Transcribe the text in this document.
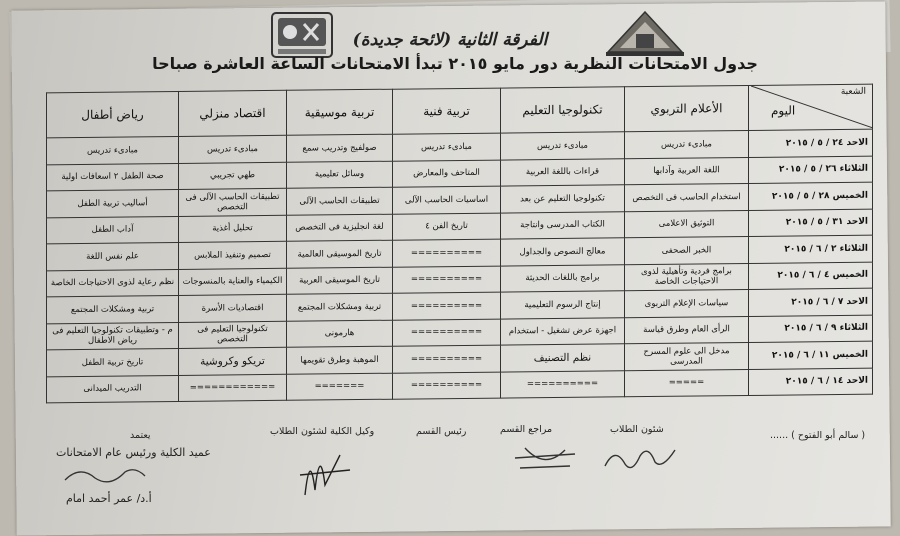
الفرقة الثانية (لائحة جديدة)
جدول الامتحانات النظرية دور مايو ٢٠١٥ تبدأ الامتحانات الساعة العاشرة صباحا
الشعبة
اليوم	الأعلام التربوي	تكنولوجيا التعليم	تربية فنية	تربية موسيقية	اقتصاد منزلي	رياض أطفال
الاحد ٢٤ / ٥ / ٢٠١٥	مبادىء تدريس	مبادىء تدريس	مبادىء تدريس	صولفيج وتدريب سمع	مبادىء تدريس	مبادىء تدريس
الثلاثاء ٢٦ / ٥ / ٢٠١٥	اللغة العربية وآدابها	قراءات باللغة العربية	المتاحف والمعارض	وسائل تعليمية	طهي تجريبي	صحة الطفل ٢ اسعافات اولية
الخميس ٢٨ / ٥ / ٢٠١٥	استخدام الحاسب فى التخصص	تكنولوجيا التعليم عن بعد	اساسيات الحاسب الآلى	تطبيقات الحاسب الآلى	تطبيقات الحاسب الآلى فى التخصص	أساليب تربية الطفل
الاحد ٣١ / ٥ / ٢٠١٥	التوثيق الاعلامى	الكتاب المدرسى وانتاجة	تاريخ الفن ٤	لغة انجليزية فى التخصص	تحليل أغذية	آداب الطفل
الثلاثاء ٢ / ٦ / ٢٠١٥	الخبر الصحفى	معالج النصوص والجداول	==========	تاريخ الموسيقى العالمية	تصميم وتنفيذ الملابس	علم نفس اللغة
الخميس ٤ / ٦ / ٢٠١٥	برامج فردية وتأهيلية لذوى الاحتياجات الخاصة	برامج باللغات الحديثة	==========	تاريخ الموسيقى العربية	الكيمياء والعناية بالمنسوجات	نظم رعاية لذوى الاحتياجات الخاصة
الاحد ٧ / ٦ / ٢٠١٥	سياسات الإعلام التربوى	إنتاج الرسوم التعليمية	==========	تربية ومشكلات المجتمع	اقتصاديات الأسرة	تربية ومشكلات المجتمع
الثلاثاء ٩ / ٦ / ٢٠١٥	الرأى العام وطرق قياسة	اجهزة عرض تشغيل - استخدام	==========	هارمونى	تكنولوجيا التعليم فى التخصص	م - وتطبيقات تكنولوجيا التعليم فى رياض الاطفال
الخميس ١١ / ٦ / ٢٠١٥	مدخل الى علوم المسرح المدرسى	نظم التصنيف	==========	الموهبة وطرق تقويمها	تريكو وكروشية	تاريخ تربية الطفل
الاحد ١٤ / ٦ / ٢٠١٥	=====	==========	==========	=======	============	التدريب الميدانى
( سالم أبو الفتوح ) ......
شئون الطلاب
مراجع القسم
رئيس القسم
وكيل الكلية لشئون الطلاب
يعتمد
عميد الكلية ورئيس عام الامتحانات
أ.د/ عمر أحمد امام
